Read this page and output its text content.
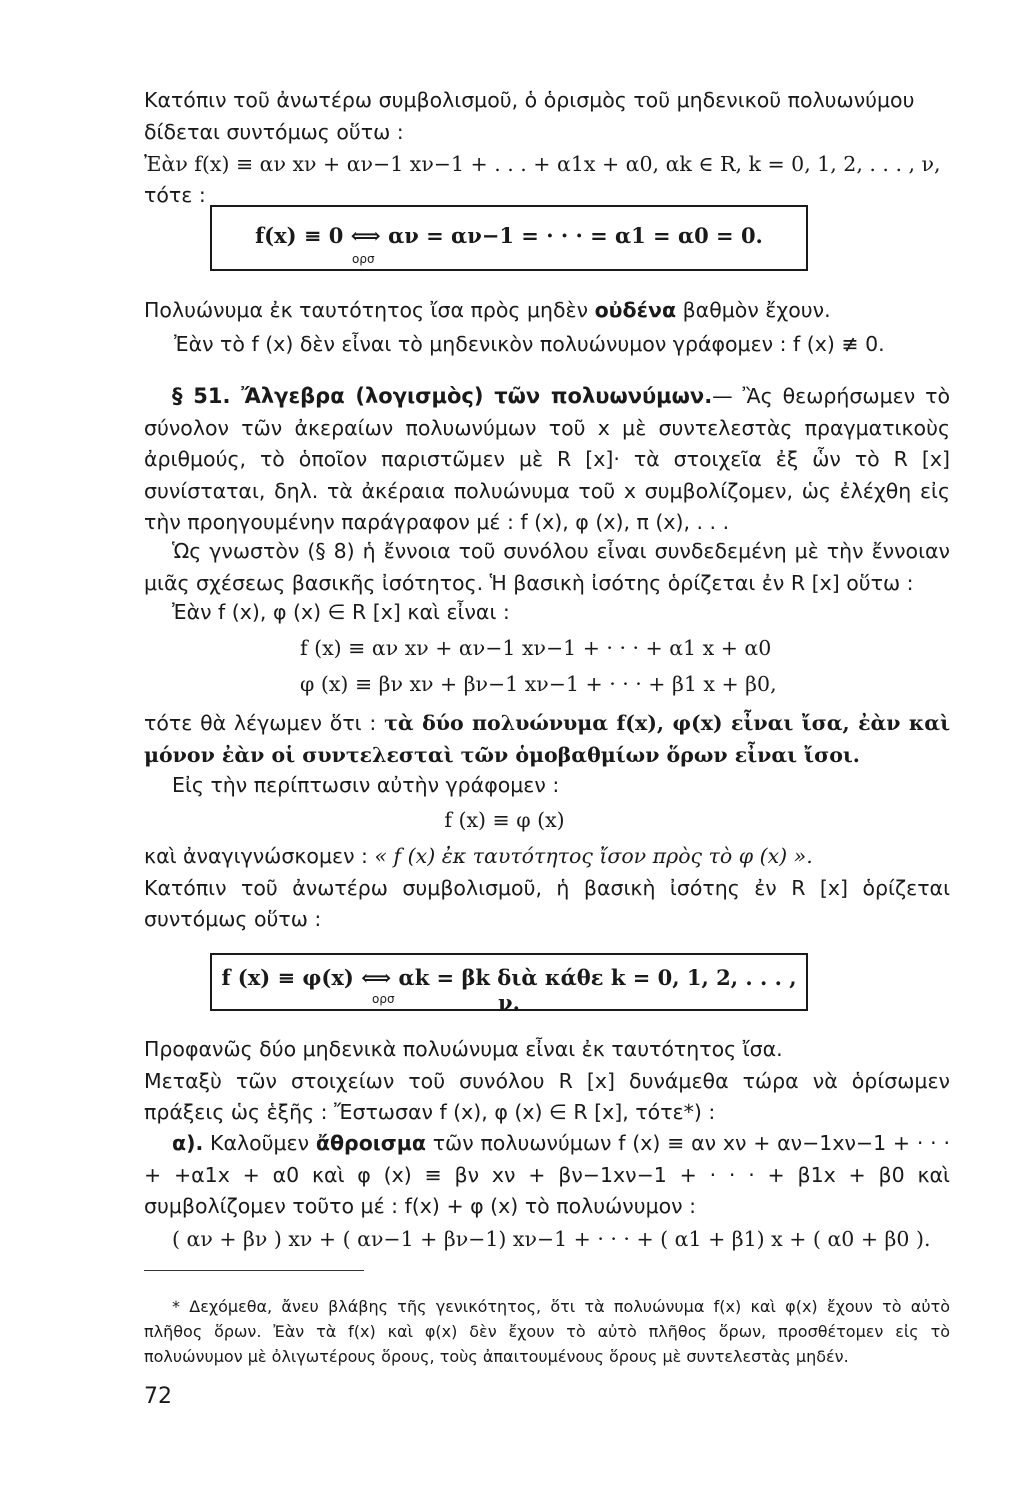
Κατόπιν τοῦ ἀνωτέρω συμβολισμοῦ, ὁ ὁρισμὸς τοῦ μηδενικοῦ πολυωνύμου

δίδεται συντόμως οὕτω :

Ἐὰν f(x) ≡ αν xν + αν−1 xν−1 + . . . + α1x + α0, αk ∈ R, k = 0, 1, 2, . . . , ν,

τότε :

f(x) ≡ 0 ⟺ αν = αν−1 = · · · = α1 = α0 = 0.
ορσ

Πολυώνυμα ἐκ ταυτότητος ἴσα πρὸς μηδὲν οὐδένα βαθμὸν ἔχουν.

Ἐὰν τὸ f (x) δὲν εἶναι τὸ μηδενικὸν πολυώνυμον γράφομεν : f (x) ≢ 0.

§ 51. Ἄλγεβρα (λογισμὸς) τῶν πολυωνύμων.— Ἂς θεωρήσωμεν τὸ σύνολον τῶν ἀκεραίων πολυωνύμων τοῦ x μὲ συντελεστὰς πραγματικοὺς ἀριθμούς, τὸ ὁποῖον παριστῶμεν μὲ R [x]· τὰ στοιχεῖα ἐξ ὧν τὸ R [x] συνίσταται, δηλ. τὰ ἀκέραια πολυώνυμα τοῦ x συμβολίζομεν, ὡς ἐλέχθη εἰς τὴν προηγουμένην παράγραφον μέ : f (x), φ (x), π (x), . . .

Ὡς γνωστὸν (§ 8) ἡ ἔννοια τοῦ συνόλου εἶναι συνδεδεμένη μὲ τὴν ἔννοιαν μιᾶς σχέσεως βασικῆς ἰσότητος. Ἡ βασικὴ ἰσότης ὁρίζεται ἐν R [x] οὕτω :

Ἐὰν f (x), φ (x) ∈ R [x] καὶ εἶναι :

f (x) ≡ αν xν + αν−1 xν−1 + · · · + α1 x + α0

φ (x) ≡ βν xν + βν−1 xν−1 + · · · + β1 x + β0,

τότε θὰ λέγωμεν ὅτι : τὰ δύο πολυώνυμα f(x), φ(x) εἶναι ἴσα, ἐὰν καὶ μόνον ἐὰν οἱ συντελεσταὶ τῶν ὁμοβαθμίων ὅρων εἶναι ἴσοι.

Εἰς τὴν περίπτωσιν αὐτὴν γράφομεν :

f (x) ≡ φ (x)

καὶ ἀναγιγνώσκομεν : « f (x) ἐκ ταυτότητος ἴσον πρὸς τὸ φ (x) ».

Κατόπιν τοῦ ἀνωτέρω συμβολισμοῦ, ἡ βασικὴ ἰσότης ἐν R [x] ὁρίζεται συντόμως οὕτω :

f (x) ≡ φ(x) ⟺ αk = βk διὰ κάθε k = 0, 1, 2, . . . , ν.
ορσ

Προφανῶς δύο μηδενικὰ πολυώνυμα εἶναι ἐκ ταυτότητος ἴσα.

Μεταξὺ τῶν στοιχείων τοῦ συνόλου R [x] δυνάμεθα τώρα νὰ ὁρίσωμεν πράξεις ὡς ἑξῆς : Ἔστωσαν f (x), φ (x) ∈ R [x], τότε*) :

α). Καλοῦμεν ἄθροισμα τῶν πολυωνύμων f (x) ≡ αν xν + αν−1xν−1 + · · · + +α1x + α0 καὶ φ (x) ≡ βν xν + βν−1xν−1 + · · · + β1x + β0 καὶ συμβολίζομεν τοῦτο μέ : f(x) + φ (x) τὸ πολυώνυμον :

( αν + βν ) xν + ( αν−1 + βν−1) xν−1 + · · · + ( α1 + β1) x + ( α0 + β0 ).

* Δεχόμεθα, ἄνευ βλάβης τῆς γενικότητος, ὅτι τὰ πολυώνυμα f(x) καὶ φ(x) ἔχουν τὸ αὐτὸ πλῆθος ὅρων. Ἐὰν τὰ f(x) καὶ φ(x) δὲν ἔχουν τὸ αὐτὸ πλῆθος ὅρων, προσθέτομεν εἰς τὸ πολυώνυμον μὲ ὀλιγωτέρους ὅρους, τοὺς ἀπαιτουμένους ὅρους μὲ συντελεστὰς μηδέν.

72
